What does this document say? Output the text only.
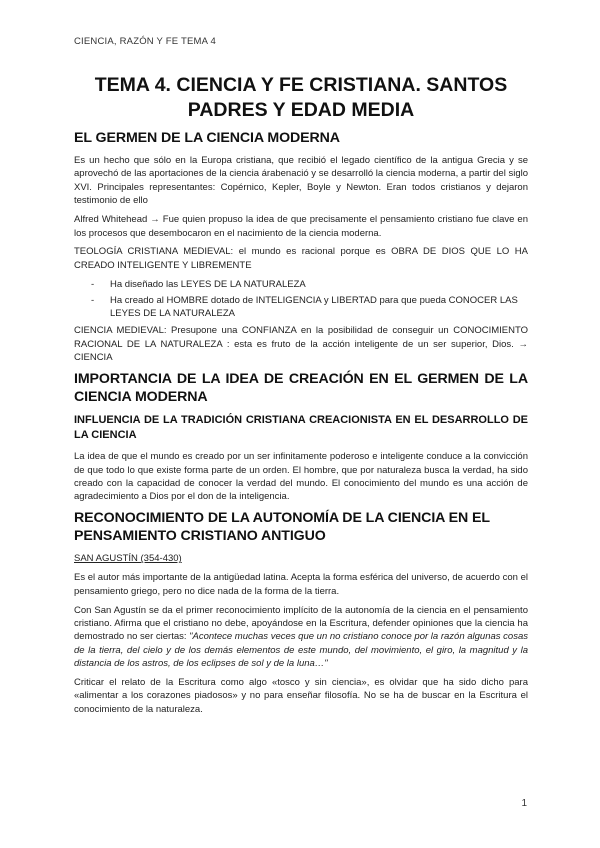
CIENCIA, RAZÓN Y FE TEMA 4
TEMA 4. CIENCIA Y FE CRISTIANA. SANTOS PADRES Y EDAD MEDIA
EL GERMEN DE LA CIENCIA MODERNA

Es un hecho que sólo en la Europa cristiana, que recibió el legado científico de la antigua Grecia y se aprovechó de las aportaciones de la ciencia árabenació y se desarrolló la ciencia moderna, a partir del siglo XVI. Principales representantes: Copérnico, Kepler, Boyle y Newton. Eran todos cristianos y dejaron testimonio de ello

Alfred Whitehead → Fue quien propuso la idea de que precisamente el pensamiento cristiano fue clave en los procesos que desembocaron en el nacimiento de la ciencia moderna.

TEOLOGÍA CRISTIANA MEDIEVAL: el mundo es racional porque es OBRA DE DIOS QUE LO HA CREADO INTELIGENTE Y LIBREMENTE

- Ha diseñado las LEYES DE LA NATURALEZA
- Ha creado al HOMBRE dotado de INTELIGENCIA y LIBERTAD para que pueda CONOCER LAS LEYES DE LA NATURALEZA

CIENCIA MEDIEVAL: Presupone una CONFIANZA en la posibilidad de conseguir un CONOCIMIENTO RACIONAL DE LA NATURALEZA : esta es fruto de la acción inteligente de un ser superior, Dios. → CIENCIA

IMPORTANCIA DE LA IDEA DE CREACIÓN EN EL GERMEN DE LA CIENCIA MODERNA
INFLUENCIA DE LA TRADICIÓN CRISTIANA CREACIONISTA EN EL DESARROLLO DE LA CIENCIA

La idea de que el mundo es creado por un ser infinitamente poderoso e inteligente conduce a la convicción de que todo lo que existe forma parte de un orden. El hombre, que por naturaleza busca la verdad, ha sido creado con la capacidad de conocer la verdad del mundo. El conocimiento del mundo es una acción de agradecimiento a Dios por el don de la inteligencia.

RECONOCIMIENTO DE LA AUTONOMÍA DE LA CIENCIA EN EL PENSAMIENTO CRISTIANO ANTIGUO

SAN AGUSTÍN (354-430)

Es el autor más importante de la antigüedad latina. Acepta la forma esférica del universo, de acuerdo con el pensamiento griego, pero no dice nada de la forma de la tierra.

Con San Agustín se da el primer reconocimiento implícito de la autonomía de la ciencia en el pensamiento cristiano. Afirma que el cristiano no debe, apoyándose en la Escritura, defender opiniones que la ciencia ha demostrado no ser ciertas: "Acontece muchas veces que un no cristiano conoce por la razón algunas cosas de la tierra, del cielo y de los demás elementos de este mundo, del movimiento, el giro, la magnitud y la distancia de los astros, de los eclipses de sol y de la luna…"

Criticar el relato de la Escritura como algo «tosco y sin ciencia», es olvidar que ha sido dicho para «alimentar a los corazones piadosos» y no para enseñar filosofía. No se ha de buscar en la Escritura el conocimiento de la naturaleza.

1
